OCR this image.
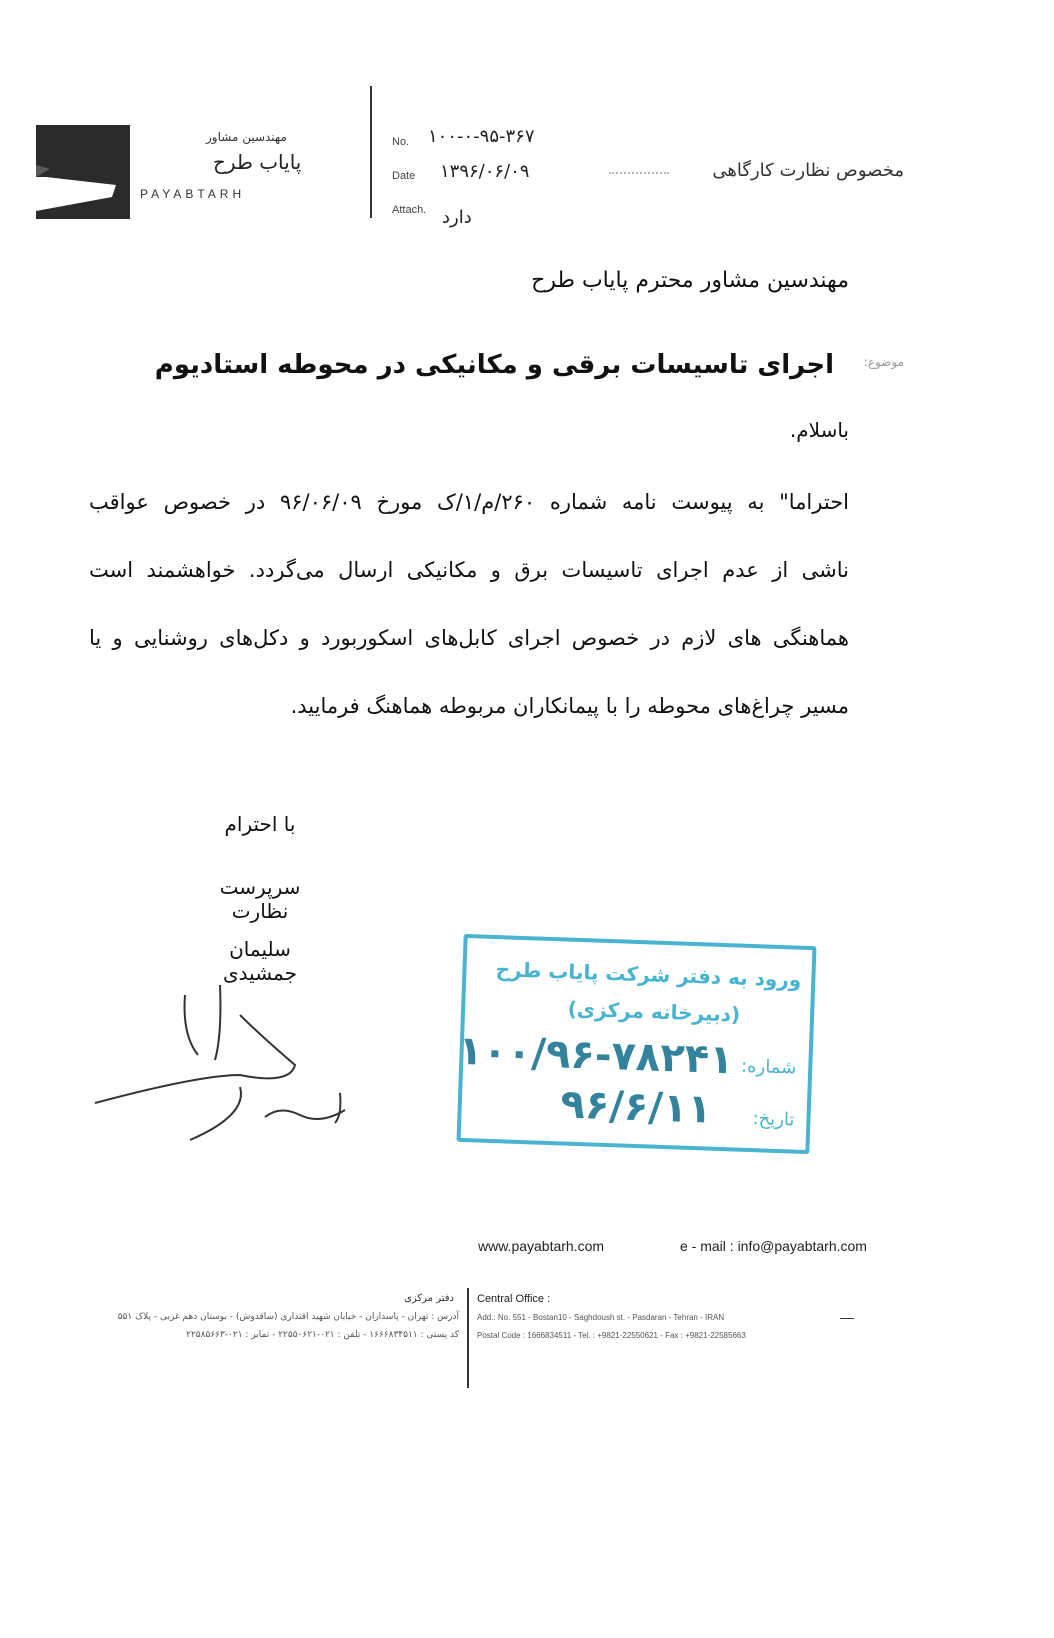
مهندسین مشاور
پایاب طرح
PAYABTARH
No. ۱۰۰-۰-۹۵-۳۶۷
Date ۱۳۹۶/۰۶/۰۹
Attach. دارد
مخصوص نظارت کارگاهی
مهندسین مشاور محترم پایاب طرح
موضوع:
اجرای تاسیسات برقی و مکانیکی در محوطه استادیوم
باسلام.
احتراما" به پیوست نامه شماره ۲۶۰/م/۱/ک مورخ ۹۶/۰۶/۰۹ در خصوص عواقب
ناشی از عدم اجرای تاسیسات برق و مکانیکی ارسال می‌گردد. خواهشمند است
هماهنگی های لازم در خصوص اجرای کابل‌های اسکوربورد و دکل‌های روشنایی و یا
مسیر چراغ‌های محوطه را با پیمانکاران مربوطه هماهنگ فرمایید.
با احترام
سرپرست نظارت
سلیمان جمشیدی	ورود به دفتر شرکت پایاب طرح
(دبیرخانه مرکزی)
شماره:
۱۰۰/۹۶-۷۸۲۴۱
تاریخ:
۹۶/۶/۱۱
www.payabtarh.com	e - mail : info@payabtarh.com
Central Office :
دفتر مرکزی
آدرس : تهران - پاسداران - خیابان شهید اقتداری (ساقدوش) - بوستان دهم غربی - پلاک ۵۵۱
کد پستی : ۱۶۶۶۸۳۴۵۱۱ - تلفن : ۰۲۱-۲۲۵۵۰۶۲۱ - نمابر : ۰۲۱-۲۲۵۸۵۶۶۳
Add.: No. 551 - Bostan10 - Saghdoush st. - Pasdaran - Tehran - IRAN
Postal Code : 1666834511 - Tel. : +9821-22550621 - Fax : +9821-22585663
